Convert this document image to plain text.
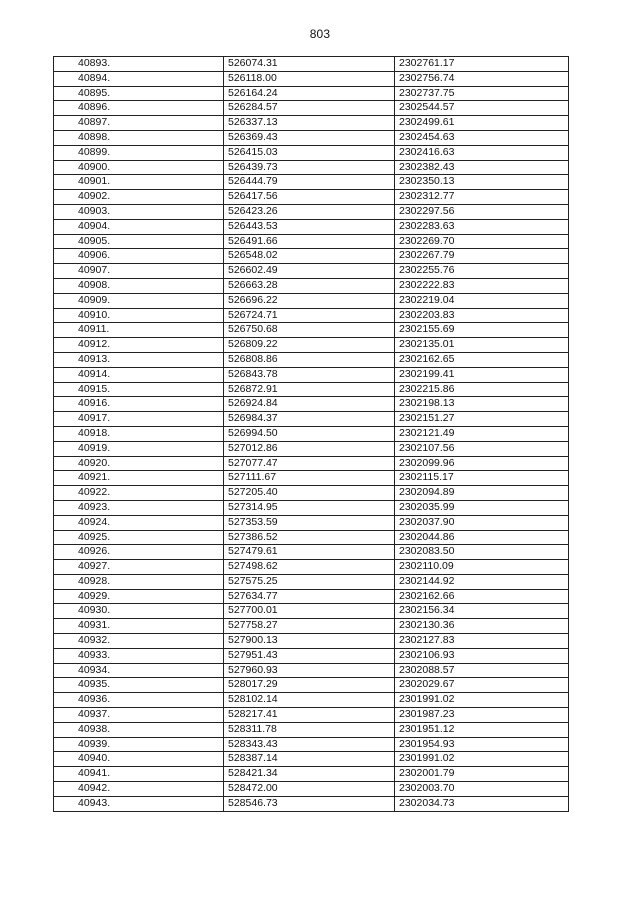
803
40893.	526074.31	2302761.17
40894.	526118.00	2302756.74
40895.	526164.24	2302737.75
40896.	526284.57	2302544.57
40897.	526337.13	2302499.61
40898.	526369.43	2302454.63
40899.	526415.03	2302416.63
40900.	526439.73	2302382.43
40901.	526444.79	2302350.13
40902.	526417.56	2302312.77
40903.	526423.26	2302297.56
40904.	526443.53	2302283.63
40905.	526491.66	2302269.70
40906.	526548.02	2302267.79
40907.	526602.49	2302255.76
40908.	526663.28	2302222.83
40909.	526696.22	2302219.04
40910.	526724.71	2302203.83
40911.	526750.68	2302155.69
40912.	526809.22	2302135.01
40913.	526808.86	2302162.65
40914.	526843.78	2302199.41
40915.	526872.91	2302215.86
40916.	526924.84	2302198.13
40917.	526984.37	2302151.27
40918.	526994.50	2302121.49
40919.	527012.86	2302107.56
40920.	527077.47	2302099.96
40921.	527111.67	2302115.17
40922.	527205.40	2302094.89
40923.	527314.95	2302035.99
40924.	527353.59	2302037.90
40925.	527386.52	2302044.86
40926.	527479.61	2302083.50
40927.	527498.62	2302110.09
40928.	527575.25	2302144.92
40929.	527634.77	2302162.66
40930.	527700.01	2302156.34
40931.	527758.27	2302130.36
40932.	527900.13	2302127.83
40933.	527951.43	2302106.93
40934.	527960.93	2302088.57
40935.	528017.29	2302029.67
40936.	528102.14	2301991.02
40937.	528217.41	2301987.23
40938.	528311.78	2301951.12
40939.	528343.43	2301954.93
40940.	528387.14	2301991.02
40941.	528421.34	2302001.79
40942.	528472.00	2302003.70
40943.	528546.73	2302034.73
